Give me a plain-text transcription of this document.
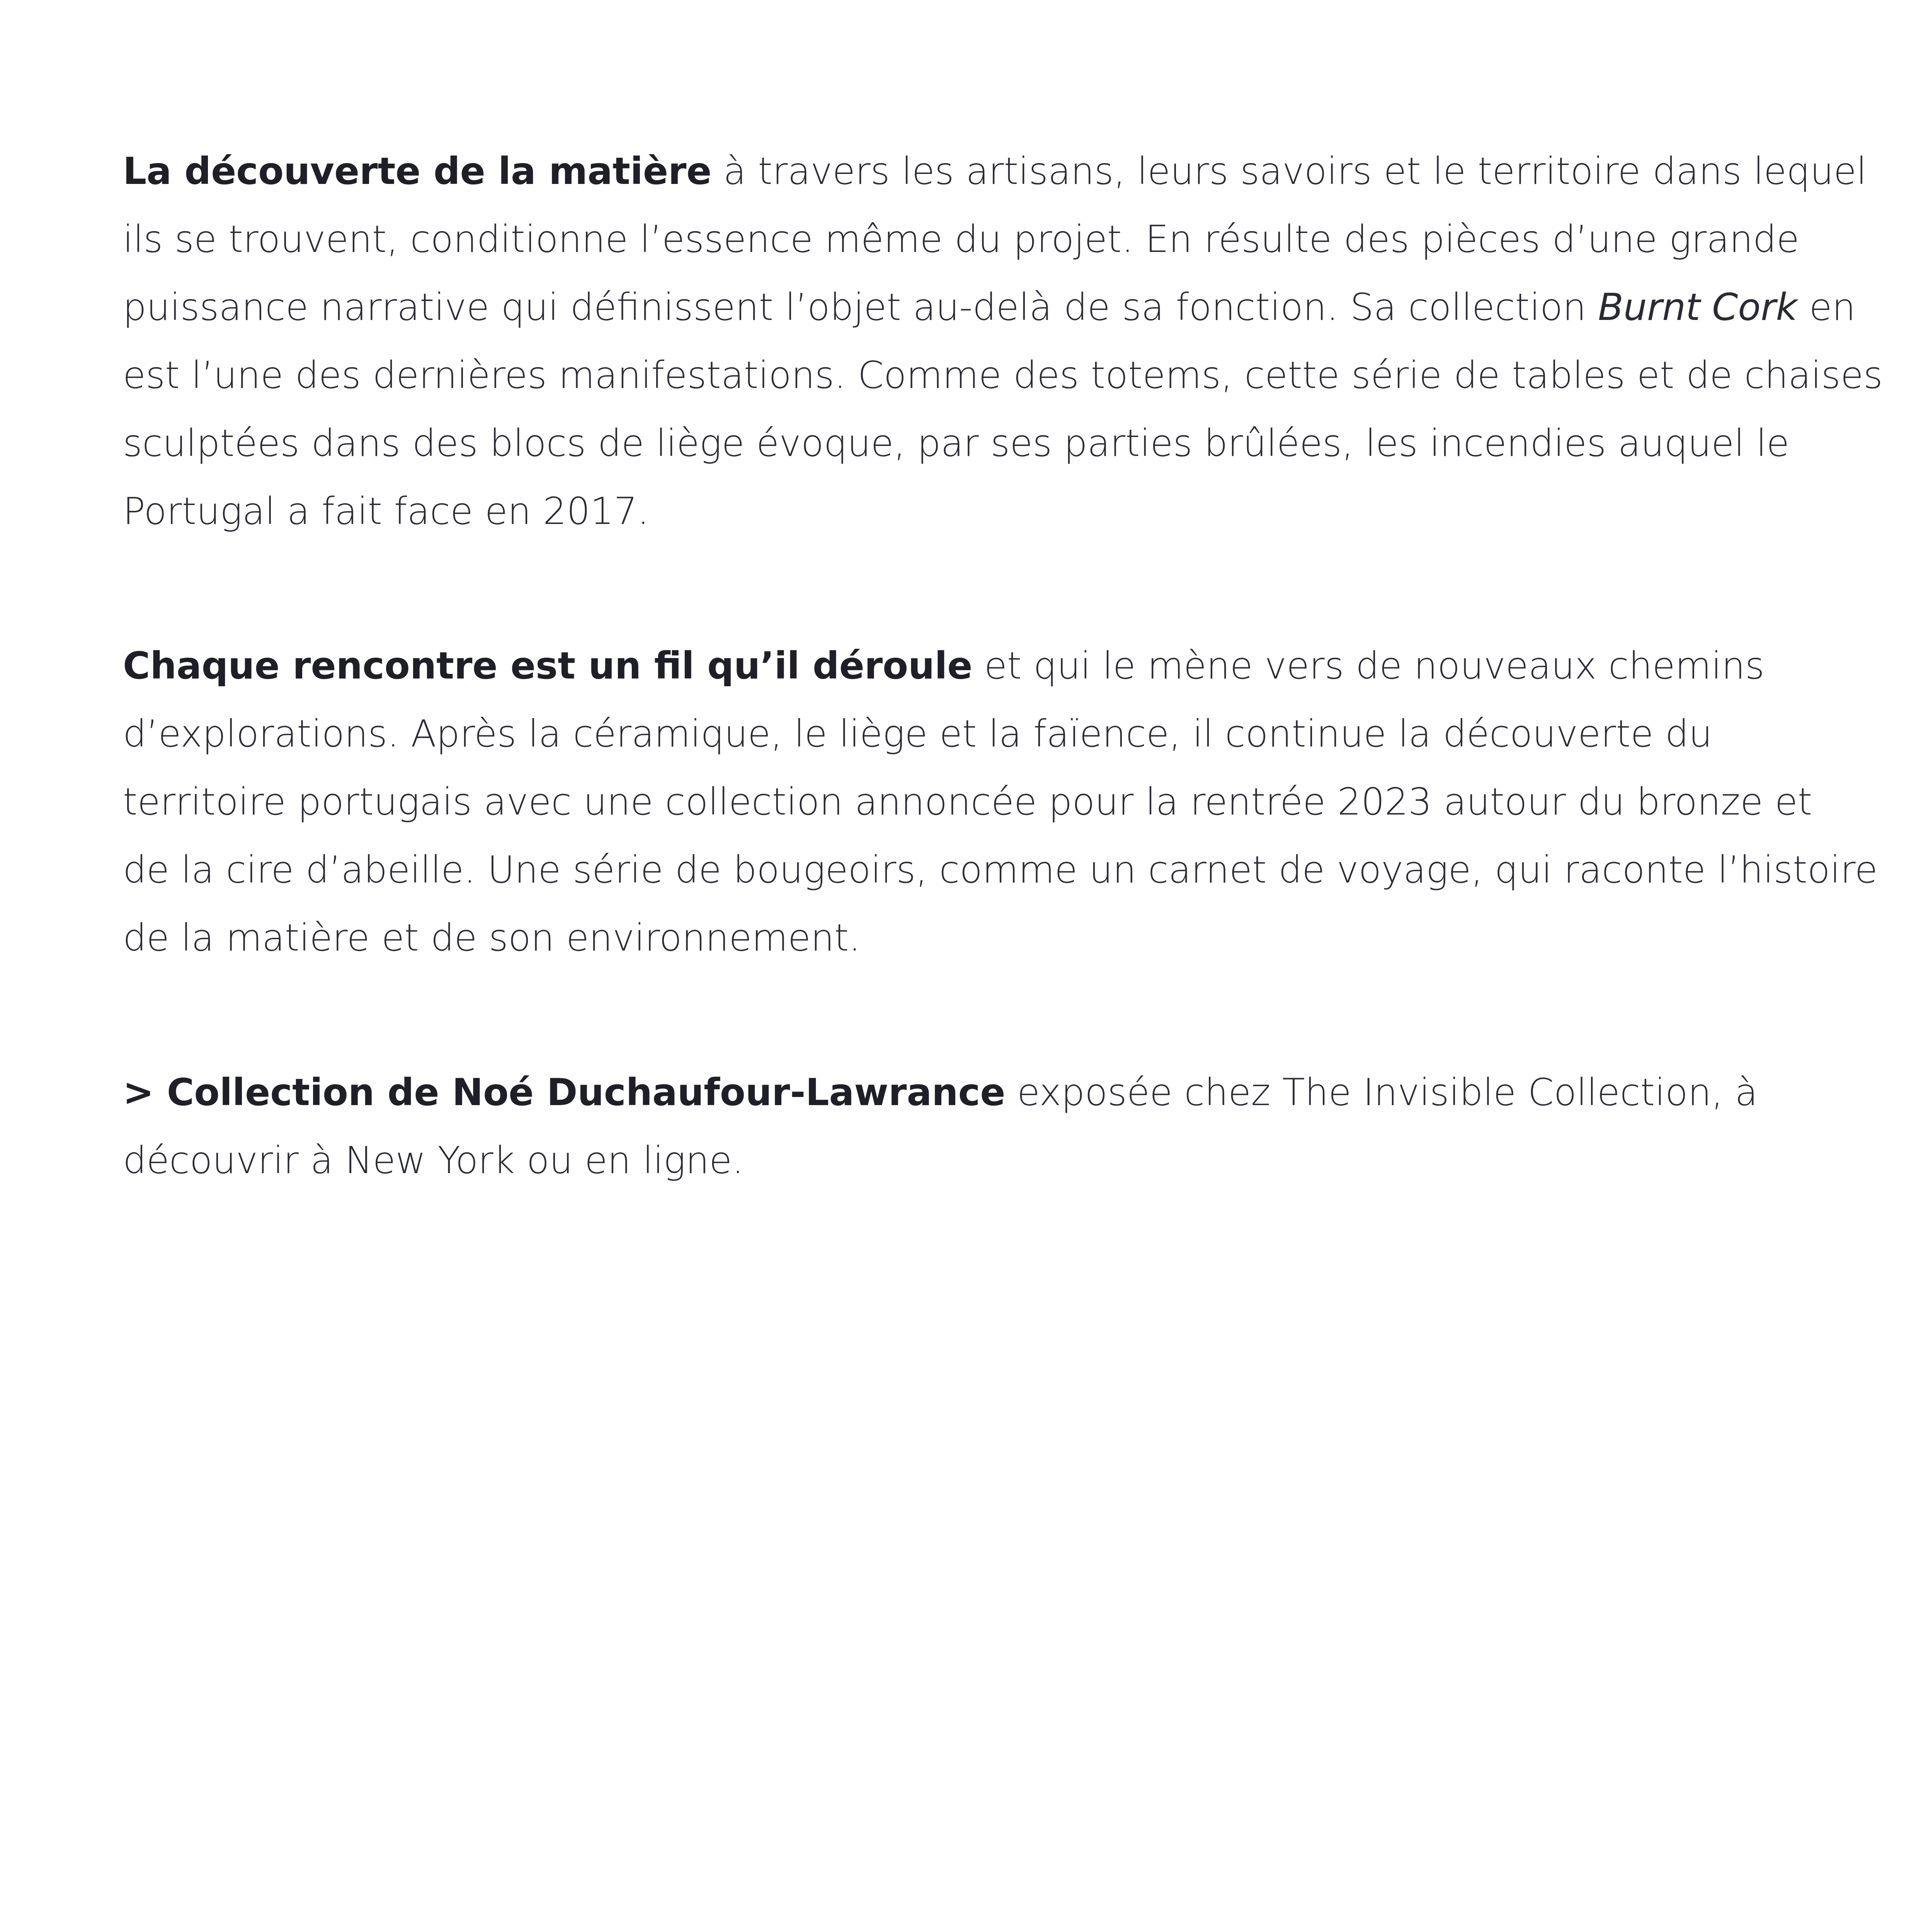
La découverte de la matière à travers les artisans, leurs savoirs et le territoire dans lequel
ils se trouvent, conditionne l’essence même du projet. En résulte des pièces d’une grande
puissance narrative qui définissent l’objet au-delà de sa fonction. Sa collection Burnt Cork en
est l’une des dernières manifestations. Comme des totems, cette série de tables et de chaises
sculptées dans des blocs de liège évoque, par ses parties brûlées, les incendies auquel le
Portugal a fait face en 2017.

Chaque rencontre est un fil qu’il déroule et qui le mène vers de nouveaux chemins
d’explorations. Après la céramique, le liège et la faïence, il continue la découverte du
territoire portugais avec une collection annoncée pour la rentrée 2023 autour du bronze et
de la cire d’abeille. Une série de bougeoirs, comme un carnet de voyage, qui raconte l’histoire
de la matière et de son environnement.

> Collection de Noé Duchaufour-Lawrance exposée chez The Invisible Collection, à
découvrir à New York ou en ligne.
